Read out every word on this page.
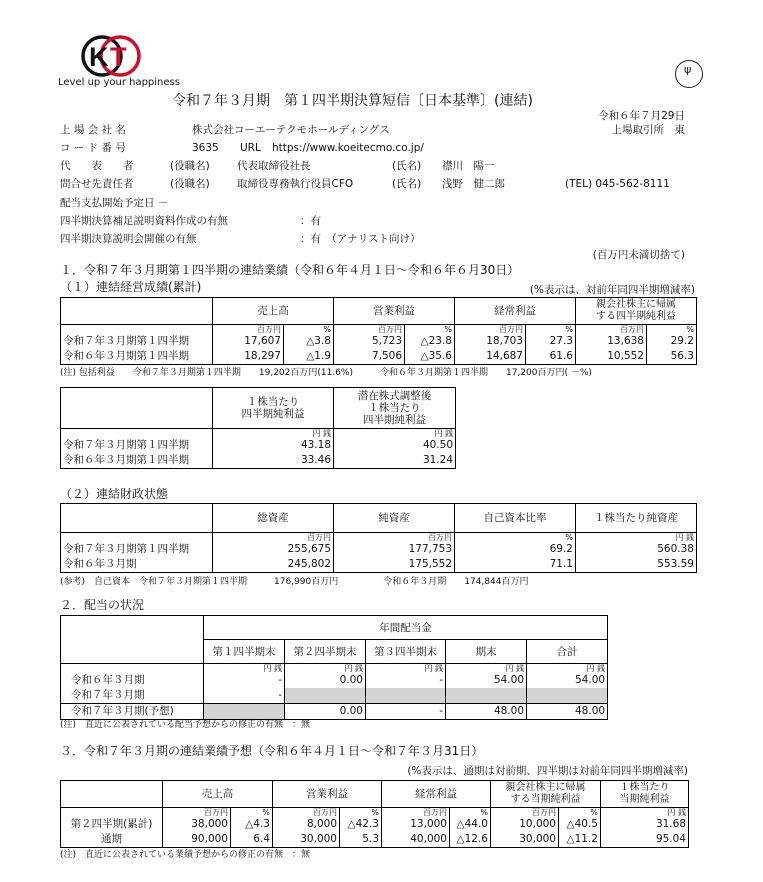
K T
Level up your happiness
ψ
令和７年３月期　第１四半期決算短信〔日本基準〕(連結)
令和６年７月29日
上 場 会 社 名	株式会社コーエーテクモホールディングス	上場取引所　東
コ ー ド 番 号	3635 URL https://www.koeitecmo.co.jp/
代　　表　　者	(役職名)	代表取締役社長	(氏名) 襟川　陽一
問合せ先責任者	(役職名)	取締役専務執行役員CFO	(氏名) 浅野　健二郎	(TEL) 045-562-8111
配当支払開始予定日 －
四半期決算補足説明資料作成の有無	：有
四半期決算説明会開催の有無	：有　（アナリスト向け）
(百万円未満切捨て)
１．令和７年３月期第１四半期の連結業績（令和６年４月１日～令和６年６月30日）
（１）連結経営成績(累計)	(%表示は、対前年同四半期増減率)
	売上高		営業利益		経常利益		親会社株主に帰属
する四半期純利益	
	百万円	%	百万円	%	百万円	%	百万円	%
令和７年３月期第１四半期	17,607	△3.8	5,723	△23.8	18,703	27.3	13,638	29.2
令和６年３月期第１四半期	18,297	△1.9	7,506	△35.6	14,687	61.6	10,552	56.3
(注) 包括利益　　令和７年３月期第１四半期　　19,202百万円(11.6%)　　　令和６年３月期第１四半期　　17,200百万円( －%)
	１株当たり
四半期純利益	潜在株式調整後
１株当たり
四半期純利益
	円 銭	円 銭
令和７年３月期第１四半期	43.18	40.50
令和６年３月期第１四半期	33.46	31.24
（２）連結財政状態
	総資産	純資産	自己資本比率	１株当たり純資産
	百万円	百万円	%	円 銭
令和７年３月期第１四半期	255,675	177,753	69.2	560.38
令和６年３月期	245,802	175,552	71.1	553.59
(参考)　自己資本　令和７年３月期第１四半期　　　176,990百万円　　　　　令和６年３月期　　174,844百万円
２．配当の状況
	年間配当金				
	第１四半期末	第２四半期末	第３四半期末	期末	合計
	円 銭	円 銭	円 銭	円 銭	円 銭
令和６年３月期	-	0.00	-	54.00	54.00
令和７年３月期	-				
令和７年３月期(予想)		0.00	-	48.00	48.00
(注)　直近に公表されている配当予想からの修正の有無　：無
３．令和７年３月期の連結業績予想（令和６年４月１日～令和７年３月31日）
(%表示は、通期は対前期、四半期は対前年同四半期増減率)
	売上高		営業利益		経常利益		親会社株主に帰属
する当期純利益		１株当たり
当期純利益
	百万円	%	百万円	%	百万円	%	百万円	%	円 銭
第２四半期(累計)	38,000	△4.3	8,000	△42.3	13,000	△44.0	10,000	△40.5	31.68
通期	90,000	6.4	30,000	5.3	40,000	△12.6	30,000	△11.2	95.04
(注)　直近に公表されている業績予想からの修正の有無　：無
